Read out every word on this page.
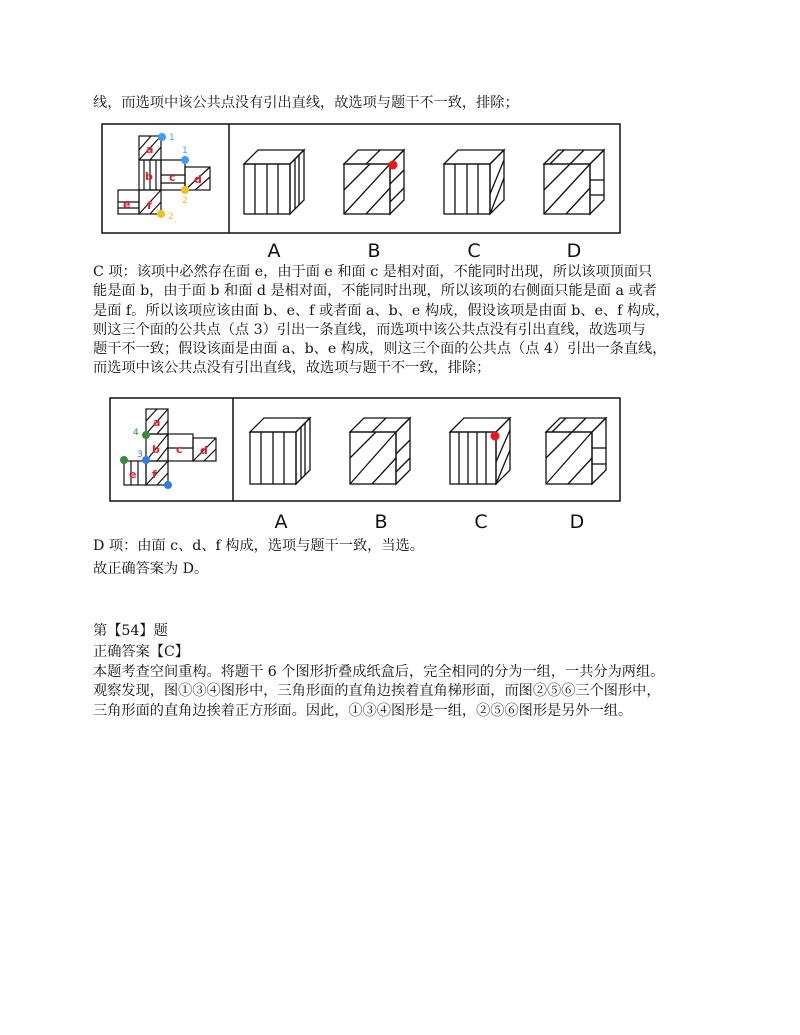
线，而选项中该公共点没有引出直线，故选项与题干不一致，排除；
a
b c d
e f
1
1
2
2
A	B	C	D
C 项：该项中必然存在面 e，由于面 e 和面 c 是相对面，不能同时出现，所以该项顶面只
能是面 b，由于面 b 和面 d 是相对面，不能同时出现，所以该项的右侧面只能是面 a 或者
是面 f。所以该项应该由面 b、e、f 或者面 a、b、e 构成，假设该项是由面 b、e、f 构成，
则这三个面的公共点（点 3）引出一条直线，而选项中该公共点没有引出直线，故选项与
题干不一致；假设该面是由面 a、b、e 构成，则这三个面的公共点（点 4）引出一条直线，
而选项中该公共点没有引出直线，故选项与题干不一致，排除；
a
b c d
e f
4
3
A	B	C	D
D 项：由面 c、d、f 构成，选项与题干一致，当选。
故正确答案为 D。
第【54】题
正确答案【C】
本题考查空间重构。将题干 6 个图形折叠成纸盒后，完全相同的分为一组，一共分为两组。
观察发现，图①③④图形中，三角形面的直角边挨着直角梯形面，而图②⑤⑥三个图形中，
三角形面的直角边挨着正方形面。因此，①③④图形是一组，②⑤⑥图形是另外一组。
